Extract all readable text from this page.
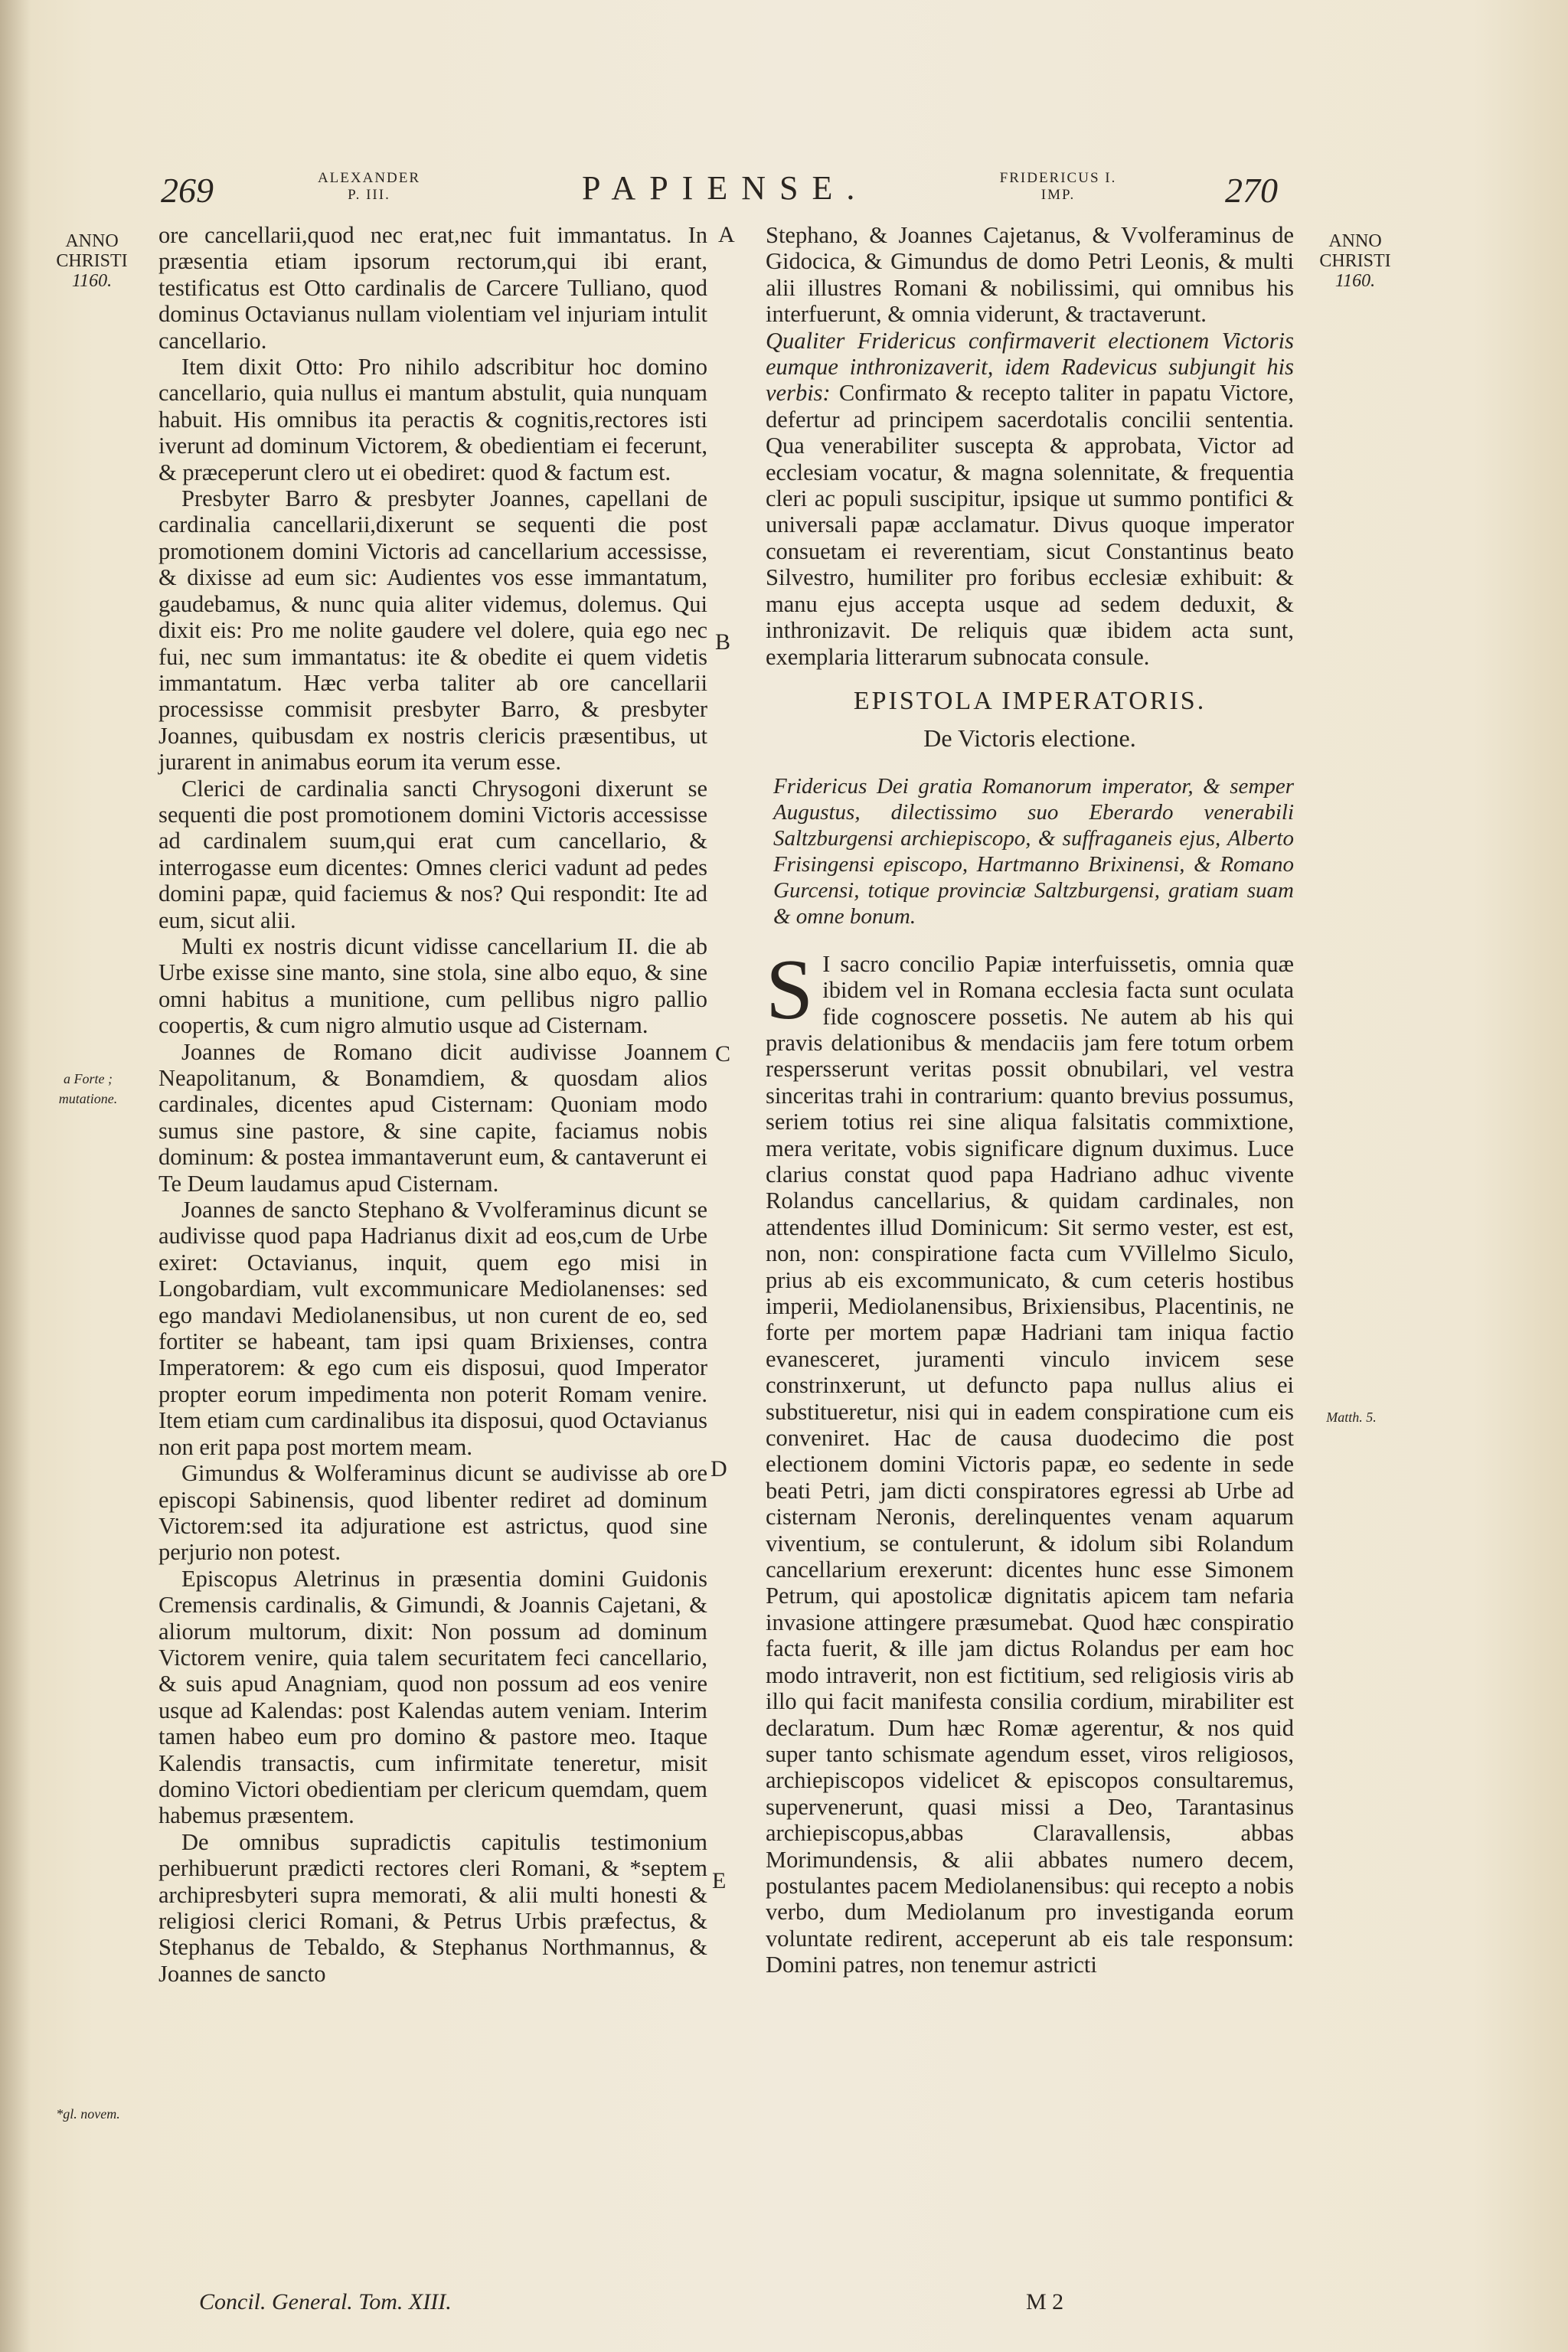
269	ALEXANDER
P. III.	PAPIENSE.	FRIDERICUS I.
IMP.	270
ANNO
CHRISTI
1160.
ANNO
CHRISTI
1160.
a Forte ;
mutatione.
*gl. novem.
Matth. 5.
A
B
C
D
E

ore cancellarii,quod nec erat,nec fuit immantatus. In præsentia etiam ipsorum rectorum,qui ibi erant, testificatus est Otto cardinalis de Carcere Tulliano, quod dominus Octavianus nullam violentiam vel injuriam intulit cancellario.

Item dixit Otto: Pro nihilo adscribitur hoc domino cancellario, quia nullus ei mantum abstulit, quia nunquam habuit. His omnibus ita peractis & cognitis,rectores isti iverunt ad dominum Victorem, & obedientiam ei fecerunt, & præceperunt clero ut ei obediret: quod & factum est.

Presbyter Barro & presbyter Joannes, capellani de cardinalia cancellarii,dixerunt se sequenti die post promotionem domini Victoris ad cancellarium accessisse, & dixisse ad eum sic: Audientes vos esse immantatum, gaudebamus, & nunc quia aliter videmus, dolemus. Qui dixit eis: Pro me nolite gaudere vel dolere, quia ego nec fui, nec sum immantatus: ite & obedite ei quem videtis immantatum. Hæc verba taliter ab ore cancellarii processisse commisit presbyter Barro, & presbyter Joannes, quibusdam ex nostris clericis præsentibus, ut jurarent in animabus eorum ita verum esse.

Clerici de cardinalia sancti Chrysogoni dixerunt se sequenti die post promotionem domini Victoris accessisse ad cardinalem suum,qui erat cum cancellario, & interrogasse eum dicentes: Omnes clerici vadunt ad pedes domini papæ, quid faciemus & nos? Qui respondit: Ite ad eum, sicut alii.

Multi ex nostris dicunt vidisse cancellarium II. die ab Urbe exisse sine manto, sine stola, sine albo equo, & sine omni habitus a munitione, cum pellibus nigro pallio coopertis, & cum nigro almutio usque ad Cisternam.

Joannes de Romano dicit audivisse Joannem Neapolitanum, & Bonamdiem, & quosdam alios cardinales, dicentes apud Cisternam: Quoniam modo sumus sine pastore, & sine capite, faciamus nobis dominum: & postea immantaverunt eum, & cantaverunt ei Te Deum laudamus apud Cisternam.

Joannes de sancto Stephano & Vvolferaminus dicunt se audivisse quod papa Hadrianus dixit ad eos,cum de Urbe exiret: Octavianus, inquit, quem ego misi in Longobardiam, vult excommunicare Mediolanenses: sed ego mandavi Mediolanensibus, ut non curent de eo, sed fortiter se habeant, tam ipsi quam Brixienses, contra Imperatorem: & ego cum eis disposui, quod Imperator propter eorum impedimenta non poterit Romam venire. Item etiam cum cardinalibus ita disposui, quod Octavianus non erit papa post mortem meam.

Gimundus & Wolferaminus dicunt se audivisse ab ore episcopi Sabinensis, quod libenter rediret ad dominum Victorem:sed ita adjuratione est astrictus, quod sine perjurio non potest.

Episcopus Aletrinus in præsentia domini Guidonis Cremensis cardinalis, & Gimundi, & Joannis Cajetani, & aliorum multorum, dixit: Non possum ad dominum Victorem venire, quia talem securitatem feci cancellario, & suis apud Anagniam, quod non possum ad eos venire usque ad Kalendas: post Kalendas autem veniam. Interim tamen habeo eum pro domino & pastore meo. Itaque Kalendis transactis, cum infirmitate teneretur, misit domino Victori obedientiam per clericum quemdam, quem habemus præsentem.

De omnibus supradictis capitulis testimonium perhibuerunt prædicti rectores cleri Romani, & *septem archipresbyteri supra memorati, & alii multi honesti & religiosi clerici Romani, & Petrus Urbis præfectus, & Stephanus de Tebaldo, & Stephanus Northmannus, & Joannes de sancto

Stephano, & Joannes Cajetanus, & Vvolferaminus de Gidocica, & Gimundus de domo Petri Leonis, & multi alii illustres Romani & nobilissimi, qui omnibus his interfuerunt, & omnia viderunt, & tractaverunt.

Qualiter Fridericus confirmaverit electionem Victoris eumque inthronizaverit, idem Radevicus subjungit his verbis: Confirmato & recepto taliter in papatu Victore, defertur ad principem sacerdotalis concilii sententia. Qua venerabiliter suscepta & approbata, Victor ad ecclesiam vocatur, & magna solennitate, & frequentia cleri ac populi suscipitur, ipsique ut summo pontifici & universali papæ acclamatur. Divus quoque imperator consuetam ei reverentiam, sicut Constantinus beato Silvestro, humiliter pro foribus ecclesiæ exhibuit: & manu ejus accepta usque ad sedem deduxit, & inthronizavit. De reliquis quæ ibidem acta sunt, exemplaria litterarum subnocata consule.

EPISTOLA IMPERATORIS.
De Victoris electione.
Fridericus Dei gratia Romanorum imperator, & semper Augustus, dilectissimo suo Eberardo venerabili Saltzburgensi archiepiscopo, & suffraganeis ejus, Alberto Frisingensi episcopo, Hartmanno Brixinensi, & Romano Gurcensi, totique provinciæ Saltzburgensi, gratiam suam & omne bonum.
S I sacro concilio Papiæ interfuissetis, omnia quæ ibidem vel in Romana ecclesia facta sunt oculata fide cognoscere possetis. Ne autem ab his qui pravis delationibus & mendaciis jam fere totum orbem respersserunt veritas possit obnubilari, vel vestra sinceritas trahi in contrarium: quanto brevius possumus, seriem totius rei sine aliqua falsitatis commixtione, mera veritate, vobis significare dignum duximus. Luce clarius constat quod papa Hadriano adhuc vivente Rolandus cancellarius, & quidam cardinales, non attendentes illud Dominicum: Sit sermo vester, est est, non, non: conspiratione facta cum VVillelmo Siculo, prius ab eis excommunicato, & cum ceteris hostibus imperii, Mediolanensibus, Brixiensibus, Placentinis, ne forte per mortem papæ Hadriani tam iniqua factio evanesceret, juramenti vinculo invicem sese constrinxerunt, ut defuncto papa nullus alius ei substitueretur, nisi qui in eadem conspiratione cum eis conveniret. Hac de causa duodecimo die post electionem domini Victoris papæ, eo sedente in sede beati Petri, jam dicti conspiratores egressi ab Urbe ad cisternam Neronis, derelinquentes venam aquarum viventium, se contulerunt, & idolum sibi Rolandum cancellarium erexerunt: dicentes hunc esse Simonem Petrum, qui apostolicæ dignitatis apicem tam nefaria invasione attingere præsumebat. Quod hæc conspiratio facta fuerit, & ille jam dictus Rolandus per eam hoc modo intraverit, non est fictitium, sed religiosis viris ab illo qui facit manifesta consilia cordium, mirabiliter est declaratum. Dum hæc Romæ agerentur, & nos quid super tanto schismate agendum esset, viros religiosos, archiepiscopos videlicet & episcopos consultaremus, supervenerunt, quasi missi a Deo, Tarantasinus archiepiscopus,abbas Claravallensis, abbas Morimundensis, & alii abbates numero decem, postulantes pacem Mediolanensibus: qui recepto a nobis verbo, dum Mediolanum pro investiganda eorum voluntate redirent, acceperunt ab eis tale responsum: Domini patres, non tenemur astricti
Concil. General. Tom. XIII.	M 2
